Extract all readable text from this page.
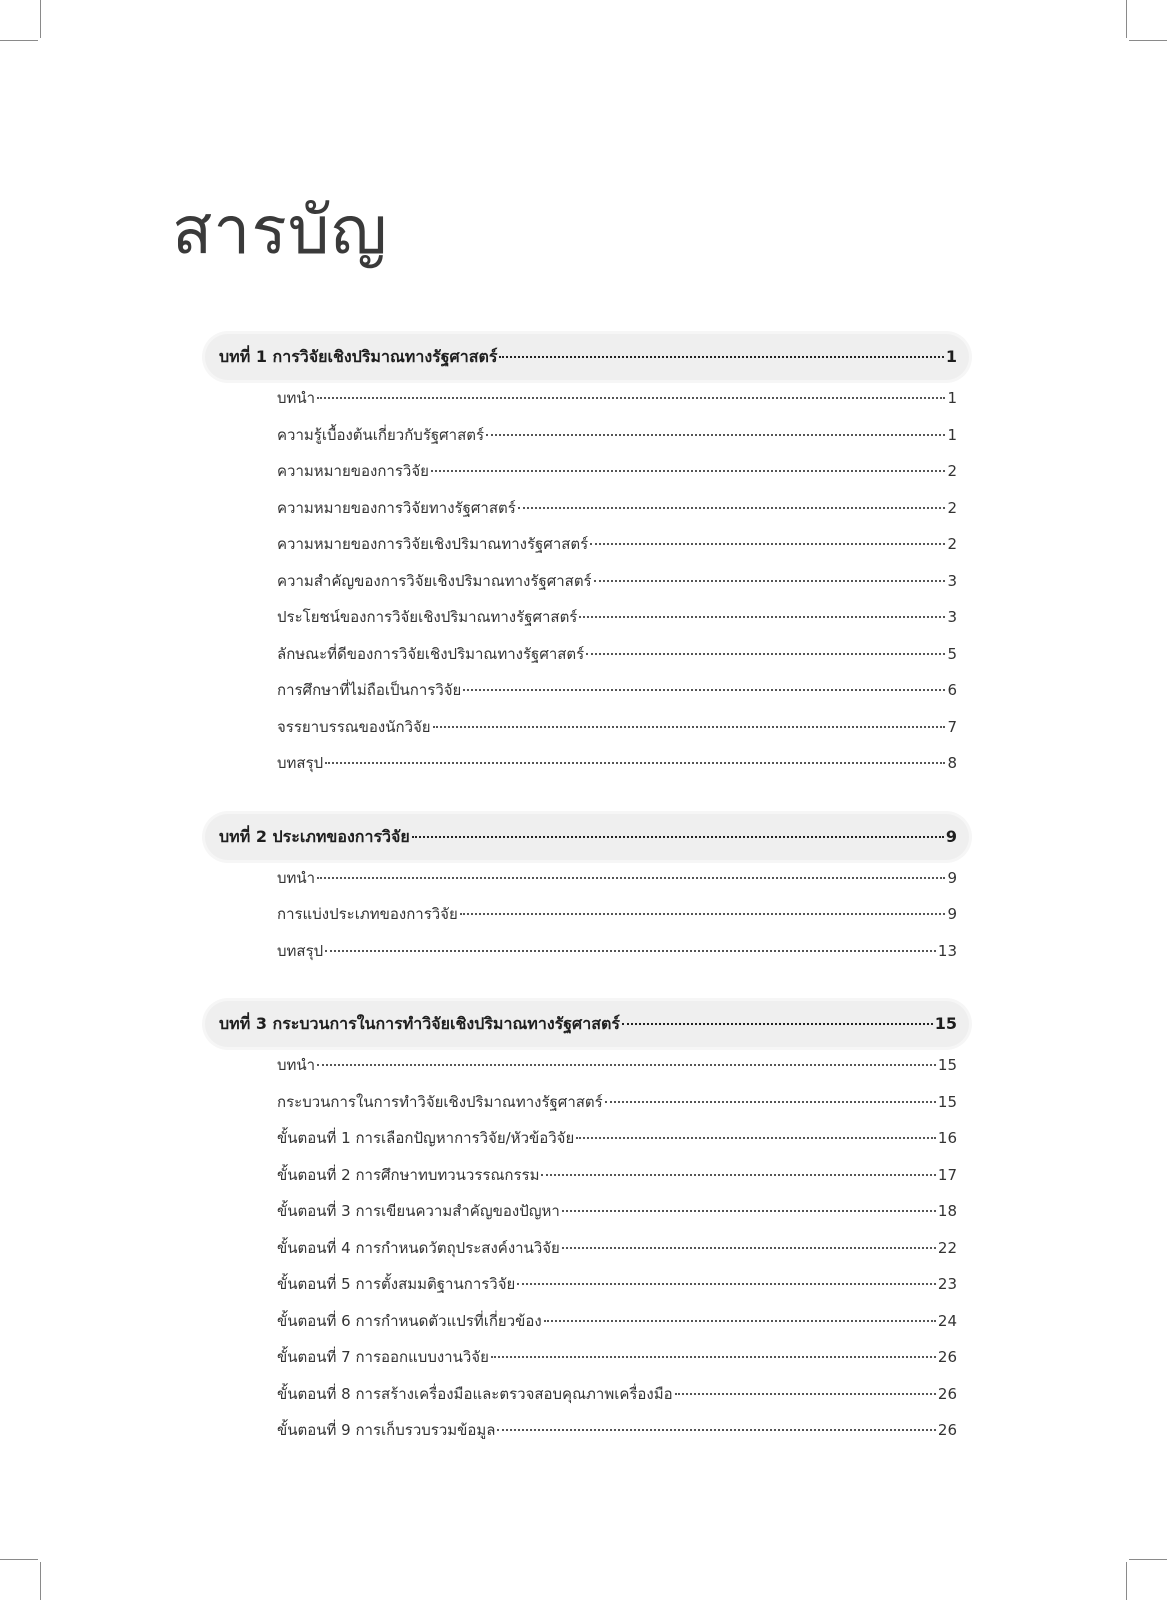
สารบัญ
บทที่ 1 การวิจัยเชิงปริมาณทางรัฐศาสตร์	1
บทนำ	1
ความรู้เบื้องต้นเกี่ยวกับรัฐศาสตร์	1
ความหมายของการวิจัย	2
ความหมายของการวิจัยทางรัฐศาสตร์	2
ความหมายของการวิจัยเชิงปริมาณทางรัฐศาสตร์	2
ความสำคัญของการวิจัยเชิงปริมาณทางรัฐศาสตร์	3
ประโยชน์ของการวิจัยเชิงปริมาณทางรัฐศาสตร์	3
ลักษณะที่ดีของการวิจัยเชิงปริมาณทางรัฐศาสตร์	5
การศึกษาที่ไม่ถือเป็นการวิจัย	6
จรรยาบรรณของนักวิจัย	7
บทสรุป	8
บทที่ 2 ประเภทของการวิจัย	9
บทนำ	9
การแบ่งประเภทของการวิจัย	9
บทสรุป	13
บทที่ 3 กระบวนการในการทำวิจัยเชิงปริมาณทางรัฐศาสตร์	15
บทนำ	15
กระบวนการในการทำวิจัยเชิงปริมาณทางรัฐศาสตร์	15
ขั้นตอนที่ 1 การเลือกปัญหาการวิจัย/หัวข้อวิจัย	16
ขั้นตอนที่ 2 การศึกษาทบทวนวรรณกรรม	17
ขั้นตอนที่ 3 การเขียนความสำคัญของปัญหา	18
ขั้นตอนที่ 4 การกำหนดวัตถุประสงค์งานวิจัย	22
ขั้นตอนที่ 5 การตั้งสมมติฐานการวิจัย	23
ขั้นตอนที่ 6 การกำหนดตัวแปรที่เกี่ยวข้อง	24
ขั้นตอนที่ 7 การออกแบบงานวิจัย	26
ขั้นตอนที่ 8 การสร้างเครื่องมือและตรวจสอบคุณภาพเครื่องมือ	26
ขั้นตอนที่ 9 การเก็บรวบรวมข้อมูล	26
